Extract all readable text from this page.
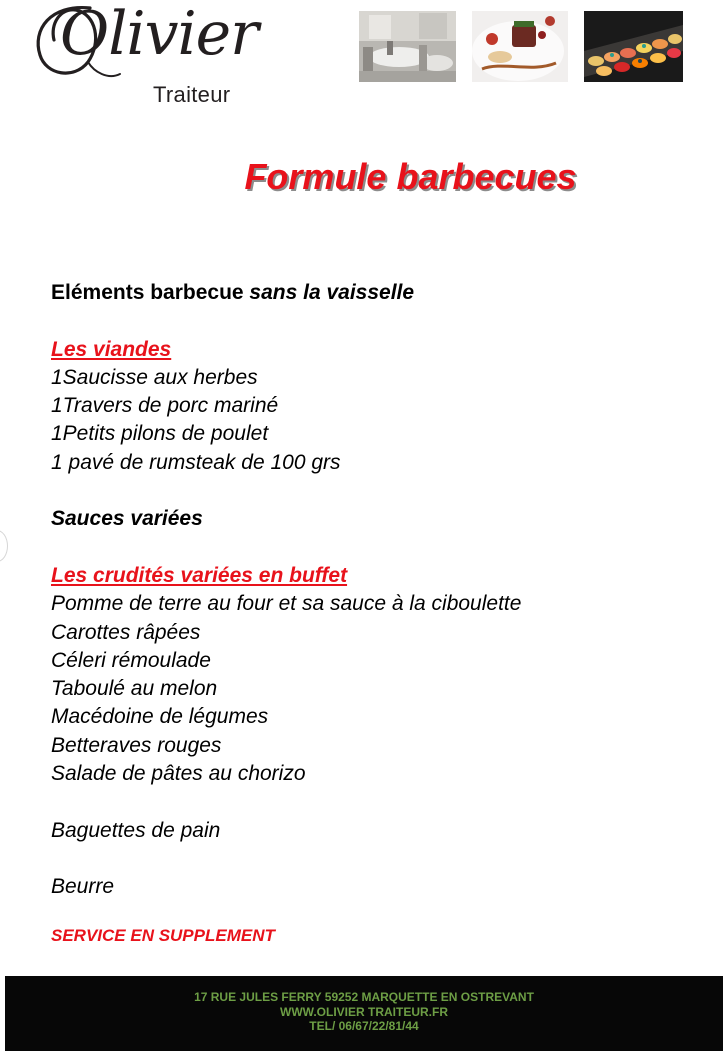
Olivier
Traiteur
Formule barbecues
Eléments barbecue sans la vaisselle
Les viandes
1Saucisse aux herbes
1Travers de porc mariné
1Petits pilons de poulet
1 pavé de rumsteak de 100 grs
Sauces variées
Les crudités variées en buffet
Pomme de terre au four et sa sauce à la ciboulette
Carottes râpées
Céleri rémoulade
Taboulé au melon
Macédoine de légumes
Betteraves rouges
Salade de pâtes au chorizo
Baguettes de pain
Beurre
SERVICE EN SUPPLEMENT
17 RUE JULES FERRY 59252 MARQUETTE EN OSTREVANT
WWW.OLIVIER TRAITEUR.FR
TEL/ 06/67/22/81/44
